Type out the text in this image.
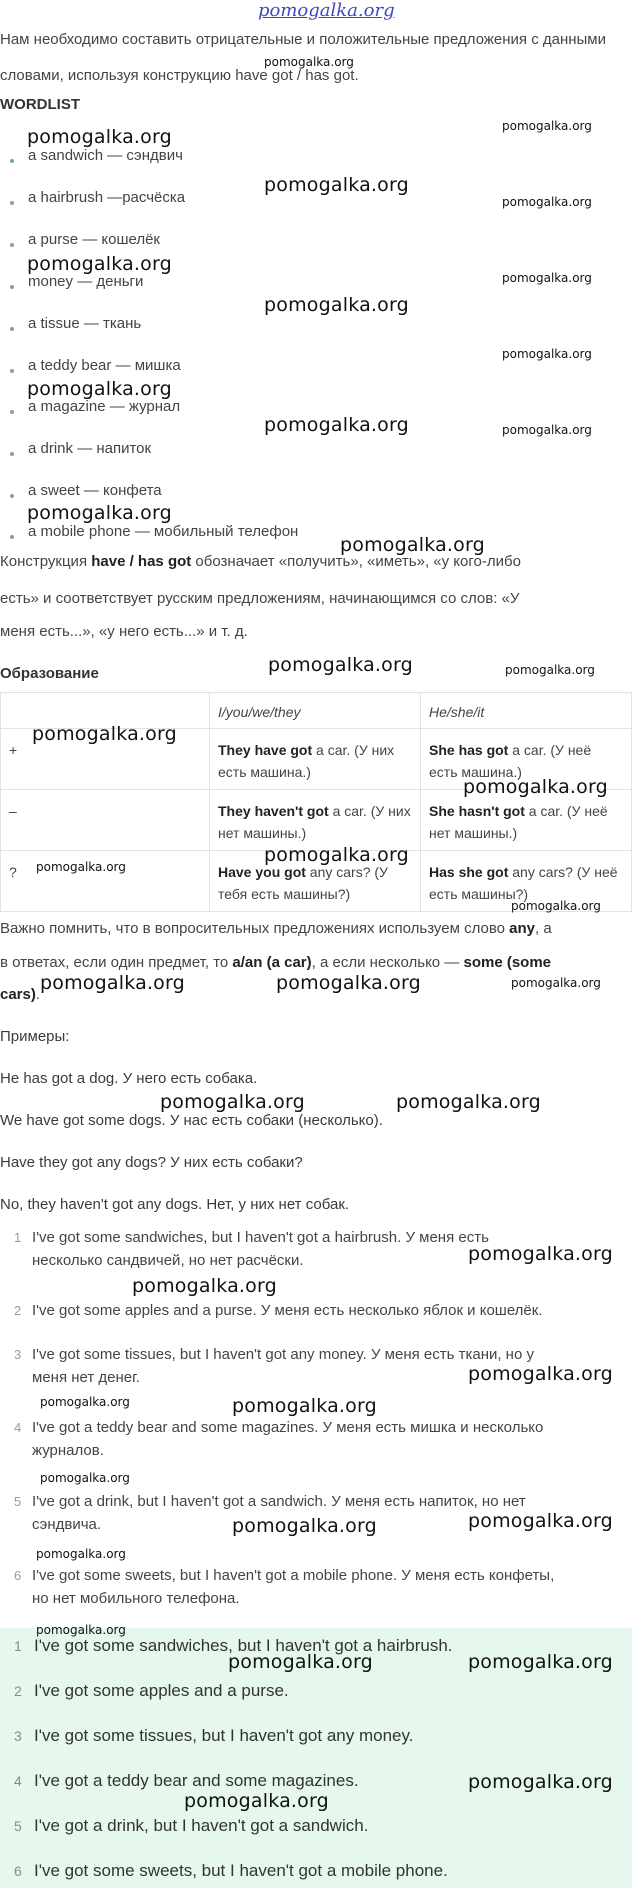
pomogalka.org
Нам необходимо составить отрицательные и положительные предложения с данными словами, используя конструкцию have got / has got.
WORDLIST
a sandwich — сэндвич
a hairbrush —расчёска
a purse — кошелёк
money — деньги
a tissue — ткань
a teddy bear — мишка
a magazine — журнал
a drink — напиток
a sweet — конфета
a mobile phone — мобильный телефон
Конструкция have / has got обозначает «получить», «иметь», «у кого-либо
есть» и соответствует русским предложениям, начинающимся со слов: «У
меня есть...», «у него есть...» и т. д.
Образование
	I/you/we/they	He/she/it
+	They have got a car. (У них есть машина.)	She has got a car. (У неё есть машина.)
–	They haven't got a car. (У них нет машины.)	She hasn't got a car. (У неё нет машины.)
?	Have you got any cars? (У тебя есть машины?)	Has she got any cars? (У неё есть машины?)
Важно помнить, что в вопросительных предложениях используем слово any, а
в ответах, если один предмет, то a/an (a car), а если несколько — some (some
cars).
Примеры:
He has got a dog. У него есть собака.
We have got some dogs. У нас есть собаки (несколько).
Have they got any dogs? У них есть собаки?
No, they haven't got any dogs. Нет, у них нет собак.
1 I've got some sandwiches, but I haven't got a hairbrush. У меня есть
несколько сандвичей, но нет расчёски.
2 I've got some apples and a purse. У меня есть несколько яблок и кошелёк.
3 I've got some tissues, but I haven't got any money. У меня есть ткани, но у
меня нет денег.
4 I've got a teddy bear and some magazines. У меня есть мишка и несколько
журналов.
5 I've got a drink, but I haven't got a sandwich. У меня есть напиток, но нет
сэндвича.
6 I've got some sweets, but I haven't got a mobile phone. У меня есть конфеты,
но нет мобильного телефона.
1 I've got some sandwiches, but I haven't got a hairbrush.
2 I've got some apples and a purse.
3 I've got some tissues, but I haven't got any money.
4 I've got a teddy bear and some magazines.
5 I've got a drink, but I haven't got a sandwich.
6 I've got some sweets, but I haven't got a mobile phone.
pomogalka.org
pomogalka.org	pomogalka.org
pomogalka.org
pomogalka.org
pomogalka.org
pomogalka.org
pomogalka.org
pomogalka.org
pomogalka.org
pomogalka.org	pomogalka.org
pomogalka.org
pomogalka.org
pomogalka.org	pomogalka.org
pomogalka.org
pomogalka.org
pomogalka.org
pomogalka.org
pomogalka.org
pomogalka.org	pomogalka.org	pomogalka.org
pomogalka.org	pomogalka.org
pomogalka.org
pomogalka.org
pomogalka.org
pomogalka.org	pomogalka.org
pomogalka.org
pomogalka.org
pomogalka.org
pomogalka.org
pomogalka.org
pomogalka.org	pomogalka.org
pomogalka.org
pomogalka.org
